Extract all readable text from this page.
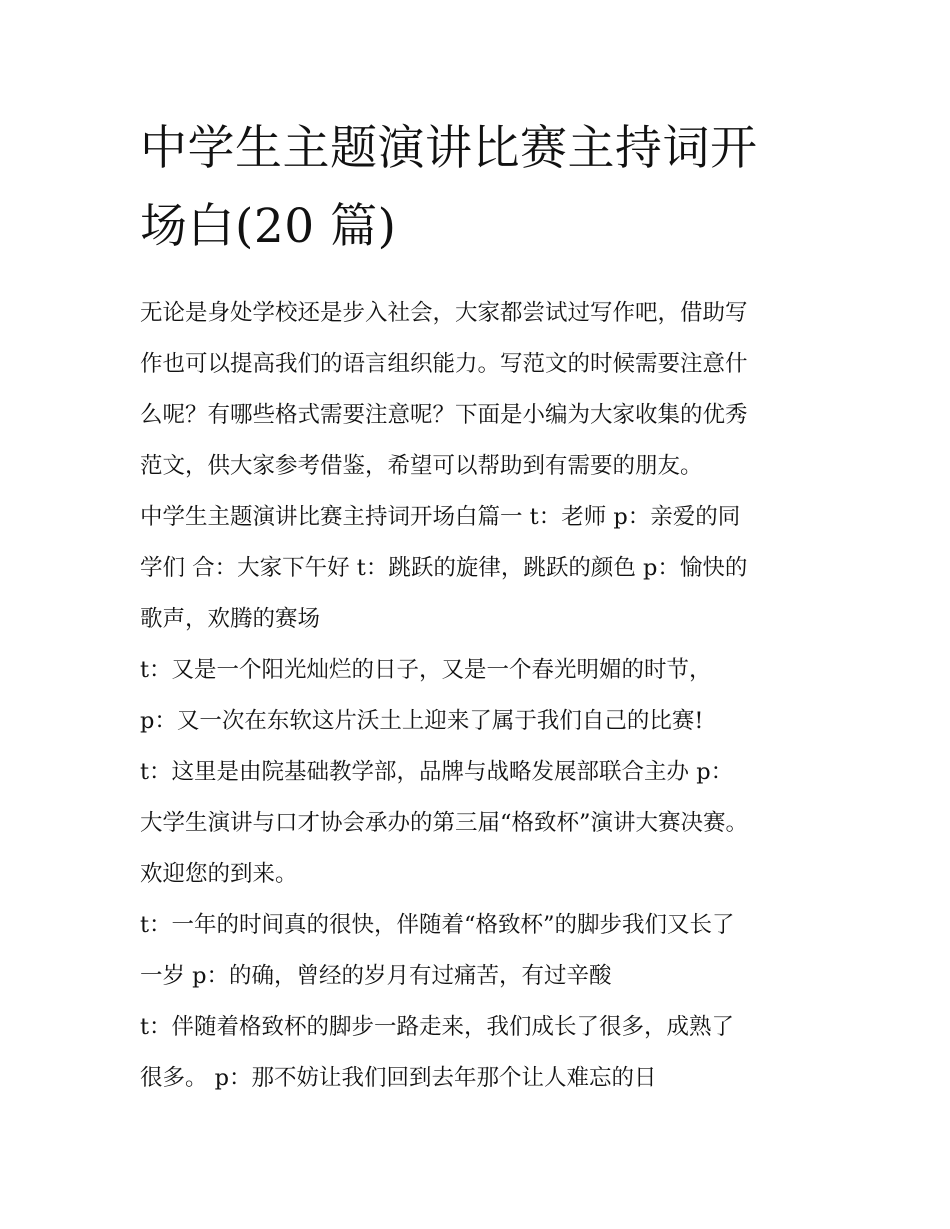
中学生主题演讲比赛主持词开
场白(20 篇)
无论是身处学校还是步入社会，大家都尝试过写作吧，借助写
作也可以提高我们的语言组织能力。写范文的时候需要注意什
么呢？有哪些格式需要注意呢？下面是小编为大家收集的优秀
范文，供大家参考借鉴，希望可以帮助到有需要的朋友。
中学生主题演讲比赛主持词开场白篇一 t：老师 p：亲爱的同
学们 合：大家下午好 t：跳跃的旋律，跳跃的颜色 p：愉快的
歌声，欢腾的赛场
t：又是一个阳光灿烂的日子，又是一个春光明媚的时节，
p：又一次在东软这片沃土上迎来了属于我们自己的比赛!
t：这里是由院基础教学部，品牌与战略发展部联合主办 p：
大学生演讲与口才协会承办的第三届“格致杯”演讲大赛决赛。
欢迎您的到来。
t：一年的时间真的很快，伴随着“格致杯”的脚步我们又长了
一岁 p：的确，曾经的岁月有过痛苦，有过辛酸
t：伴随着格致杯的脚步一路走来，我们成长了很多，成熟了
很多。 p：那不妨让我们回到去年那个让人难忘的日
